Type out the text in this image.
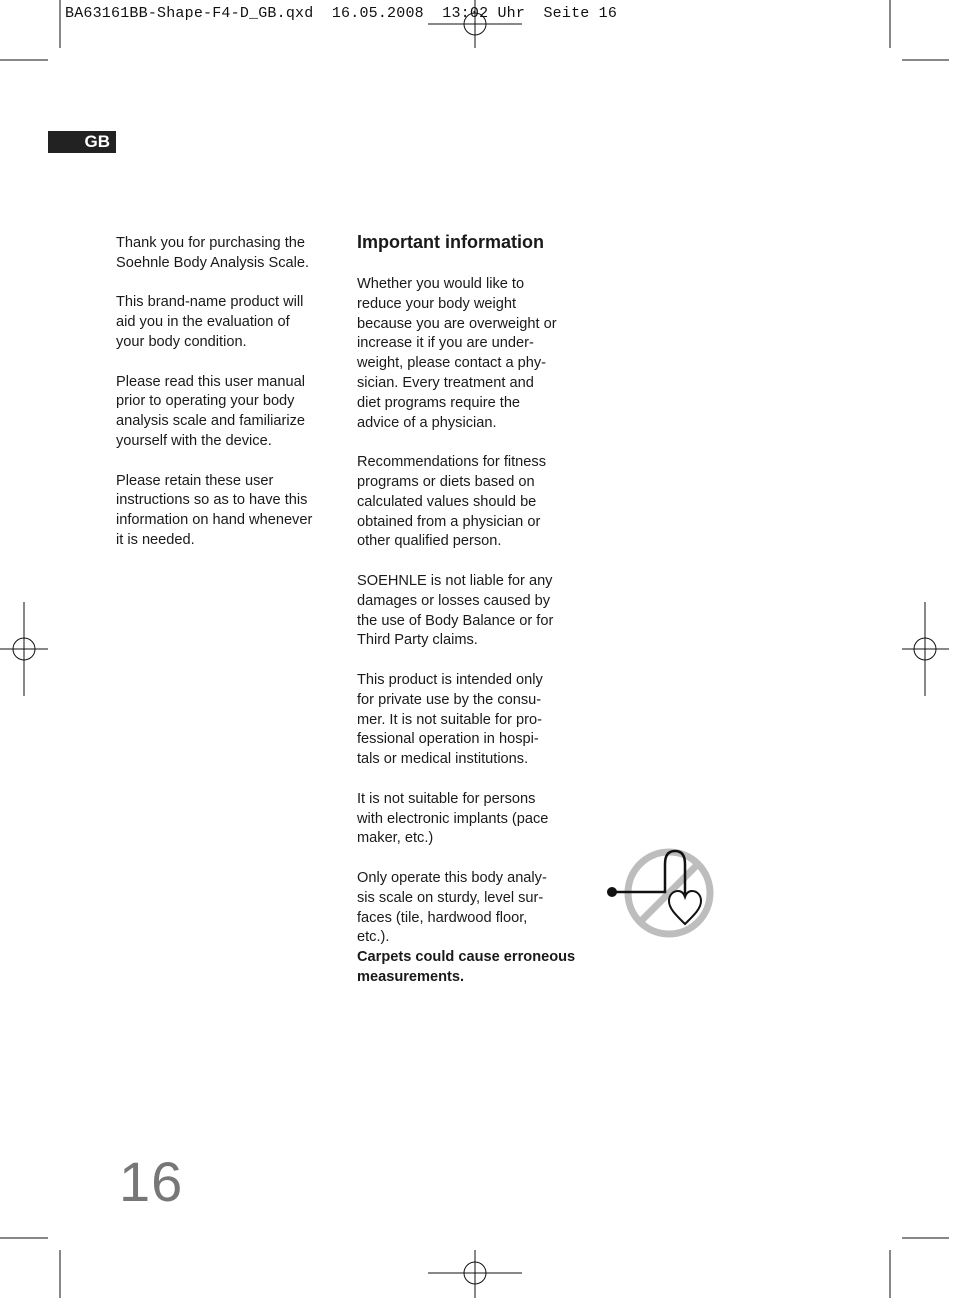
BA63161BB-Shape-F4-D_GB.qxd  16.05.2008  13:02 Uhr  Seite 16
GB

Thank you for purchasing the
Soehnle Body Analysis Scale.

This brand-name product will
aid you in the evaluation of
your body condition.

Please read this user manual
prior to operating your body
analysis scale and familiarize
yourself with the device.

Please retain these user
instructions so as to have this
information on hand whenever
it is needed.

Important information

Whether you would like to
reduce your body weight
because you are overweight or
increase it if you are under-
weight, please contact a phy-
sician. Every treatment and
diet programs require the
advice of a physician.

Recommendations for fitness
programs or diets based on
calculated values should be
obtained from a physician or
other qualified person.

SOEHNLE is not liable for any
damages or losses caused by
the use of Body Balance or for
Third Party claims.

This product is intended only
for private use by the consu-
mer. It is not suitable for pro-
fessional operation in hospi-
tals or medical institutions.

It is not suitable for persons
with electronic implants (pace
maker, etc.)

Only operate this body analy-
sis scale on sturdy, level sur-
faces (tile, hardwood floor,
etc.).

Carpets could cause erroneous
measurements.

16
